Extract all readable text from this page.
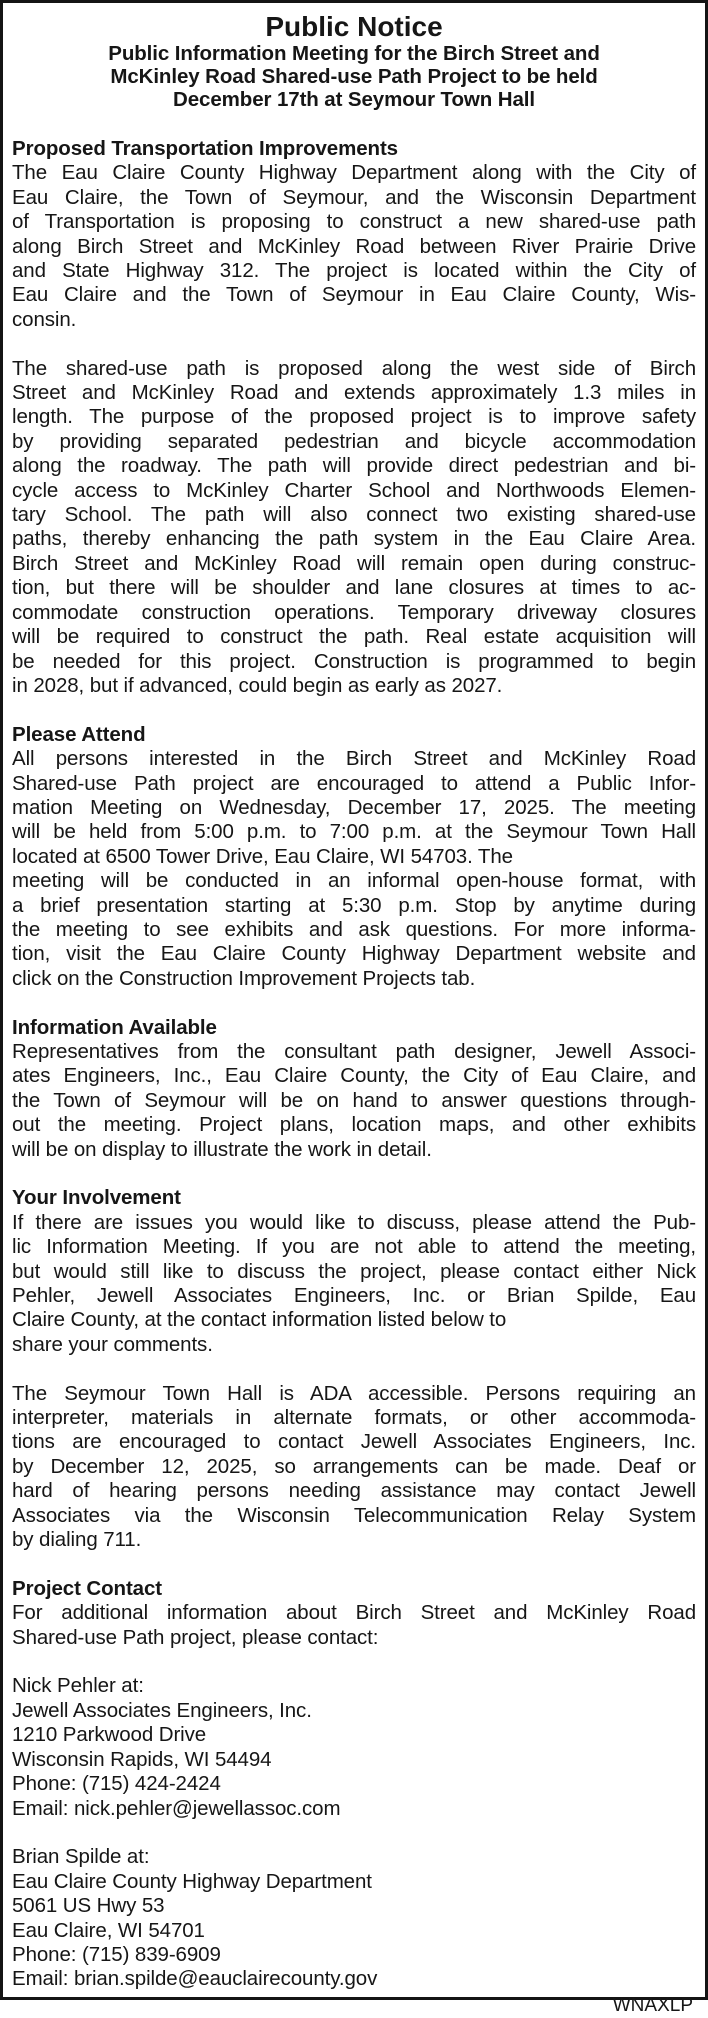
Public Notice
Public Information Meeting for the Birch Street and
McKinley Road Shared-use Path Project to be held
December 17th at Seymour Town Hall
Proposed Transportation Improvements
The Eau Claire County Highway Department along with the City of
Eau Claire, the Town of Seymour, and the Wisconsin Department
of Transportation is proposing to construct a new shared-use path
along Birch Street and McKinley Road between River Prairie Drive
and State Highway 312. The project is located within the City of
Eau Claire and the Town of Seymour in Eau Claire County, Wis-
consin.
The shared-use path is proposed along the west side of Birch
Street and McKinley Road and extends approximately 1.3 miles in
length. The purpose of the proposed project is to improve safety
by providing separated pedestrian and bicycle accommodation
along the roadway. The path will provide direct pedestrian and bi-
cycle access to McKinley Charter School and Northwoods Elemen-
tary School. The path will also connect two existing shared-use
paths, thereby enhancing the path system in the Eau Claire Area.
Birch Street and McKinley Road will remain open during construc-
tion, but there will be shoulder and lane closures at times to ac-
commodate construction operations. Temporary driveway closures
will be required to construct the path. Real estate acquisition will
be needed for this project. Construction is programmed to begin
in 2028, but if advanced, could begin as early as 2027.
Please Attend
All persons interested in the Birch Street and McKinley Road
Shared-use Path project are encouraged to attend a Public Infor-
mation Meeting on Wednesday, December 17, 2025. The meeting
will be held from 5:00 p.m. to 7:00 p.m. at the Seymour Town Hall
located at 6500 Tower Drive, Eau Claire, WI 54703. The
meeting will be conducted in an informal open-house format, with
a brief presentation starting at 5:30 p.m. Stop by anytime during
the meeting to see exhibits and ask questions. For more informa-
tion, visit the Eau Claire County Highway Department website and
click on the Construction Improvement Projects tab.
Information Available
Representatives from the consultant path designer, Jewell Associ-
ates Engineers, Inc., Eau Claire County, the City of Eau Claire, and
the Town of Seymour will be on hand to answer questions through-
out the meeting. Project plans, location maps, and other exhibits
will be on display to illustrate the work in detail.
Your Involvement
If there are issues you would like to discuss, please attend the Pub-
lic Information Meeting. If you are not able to attend the meeting,
but would still like to discuss the project, please contact either Nick
Pehler, Jewell Associates Engineers, Inc. or Brian Spilde, Eau
Claire County, at the contact information listed below to
share your comments.
The Seymour Town Hall is ADA accessible. Persons requiring an
interpreter, materials in alternate formats, or other accommoda-
tions are encouraged to contact Jewell Associates Engineers, Inc.
by December 12, 2025, so arrangements can be made. Deaf or
hard of hearing persons needing assistance may contact Jewell
Associates via the Wisconsin Telecommunication Relay System
by dialing 711.
Project Contact
For additional information about Birch Street and McKinley Road
Shared-use Path project, please contact:
Nick Pehler at:
Jewell Associates Engineers, Inc.
1210 Parkwood Drive
Wisconsin Rapids, WI 54494
Phone: (715) 424-2424
Email: nick.pehler@jewellassoc.com
Brian Spilde at:
Eau Claire County Highway Department
5061 US Hwy 53
Eau Claire, WI 54701
Phone: (715) 839-6909
Email: brian.spilde@eauclairecounty.gov
WNAXLP
